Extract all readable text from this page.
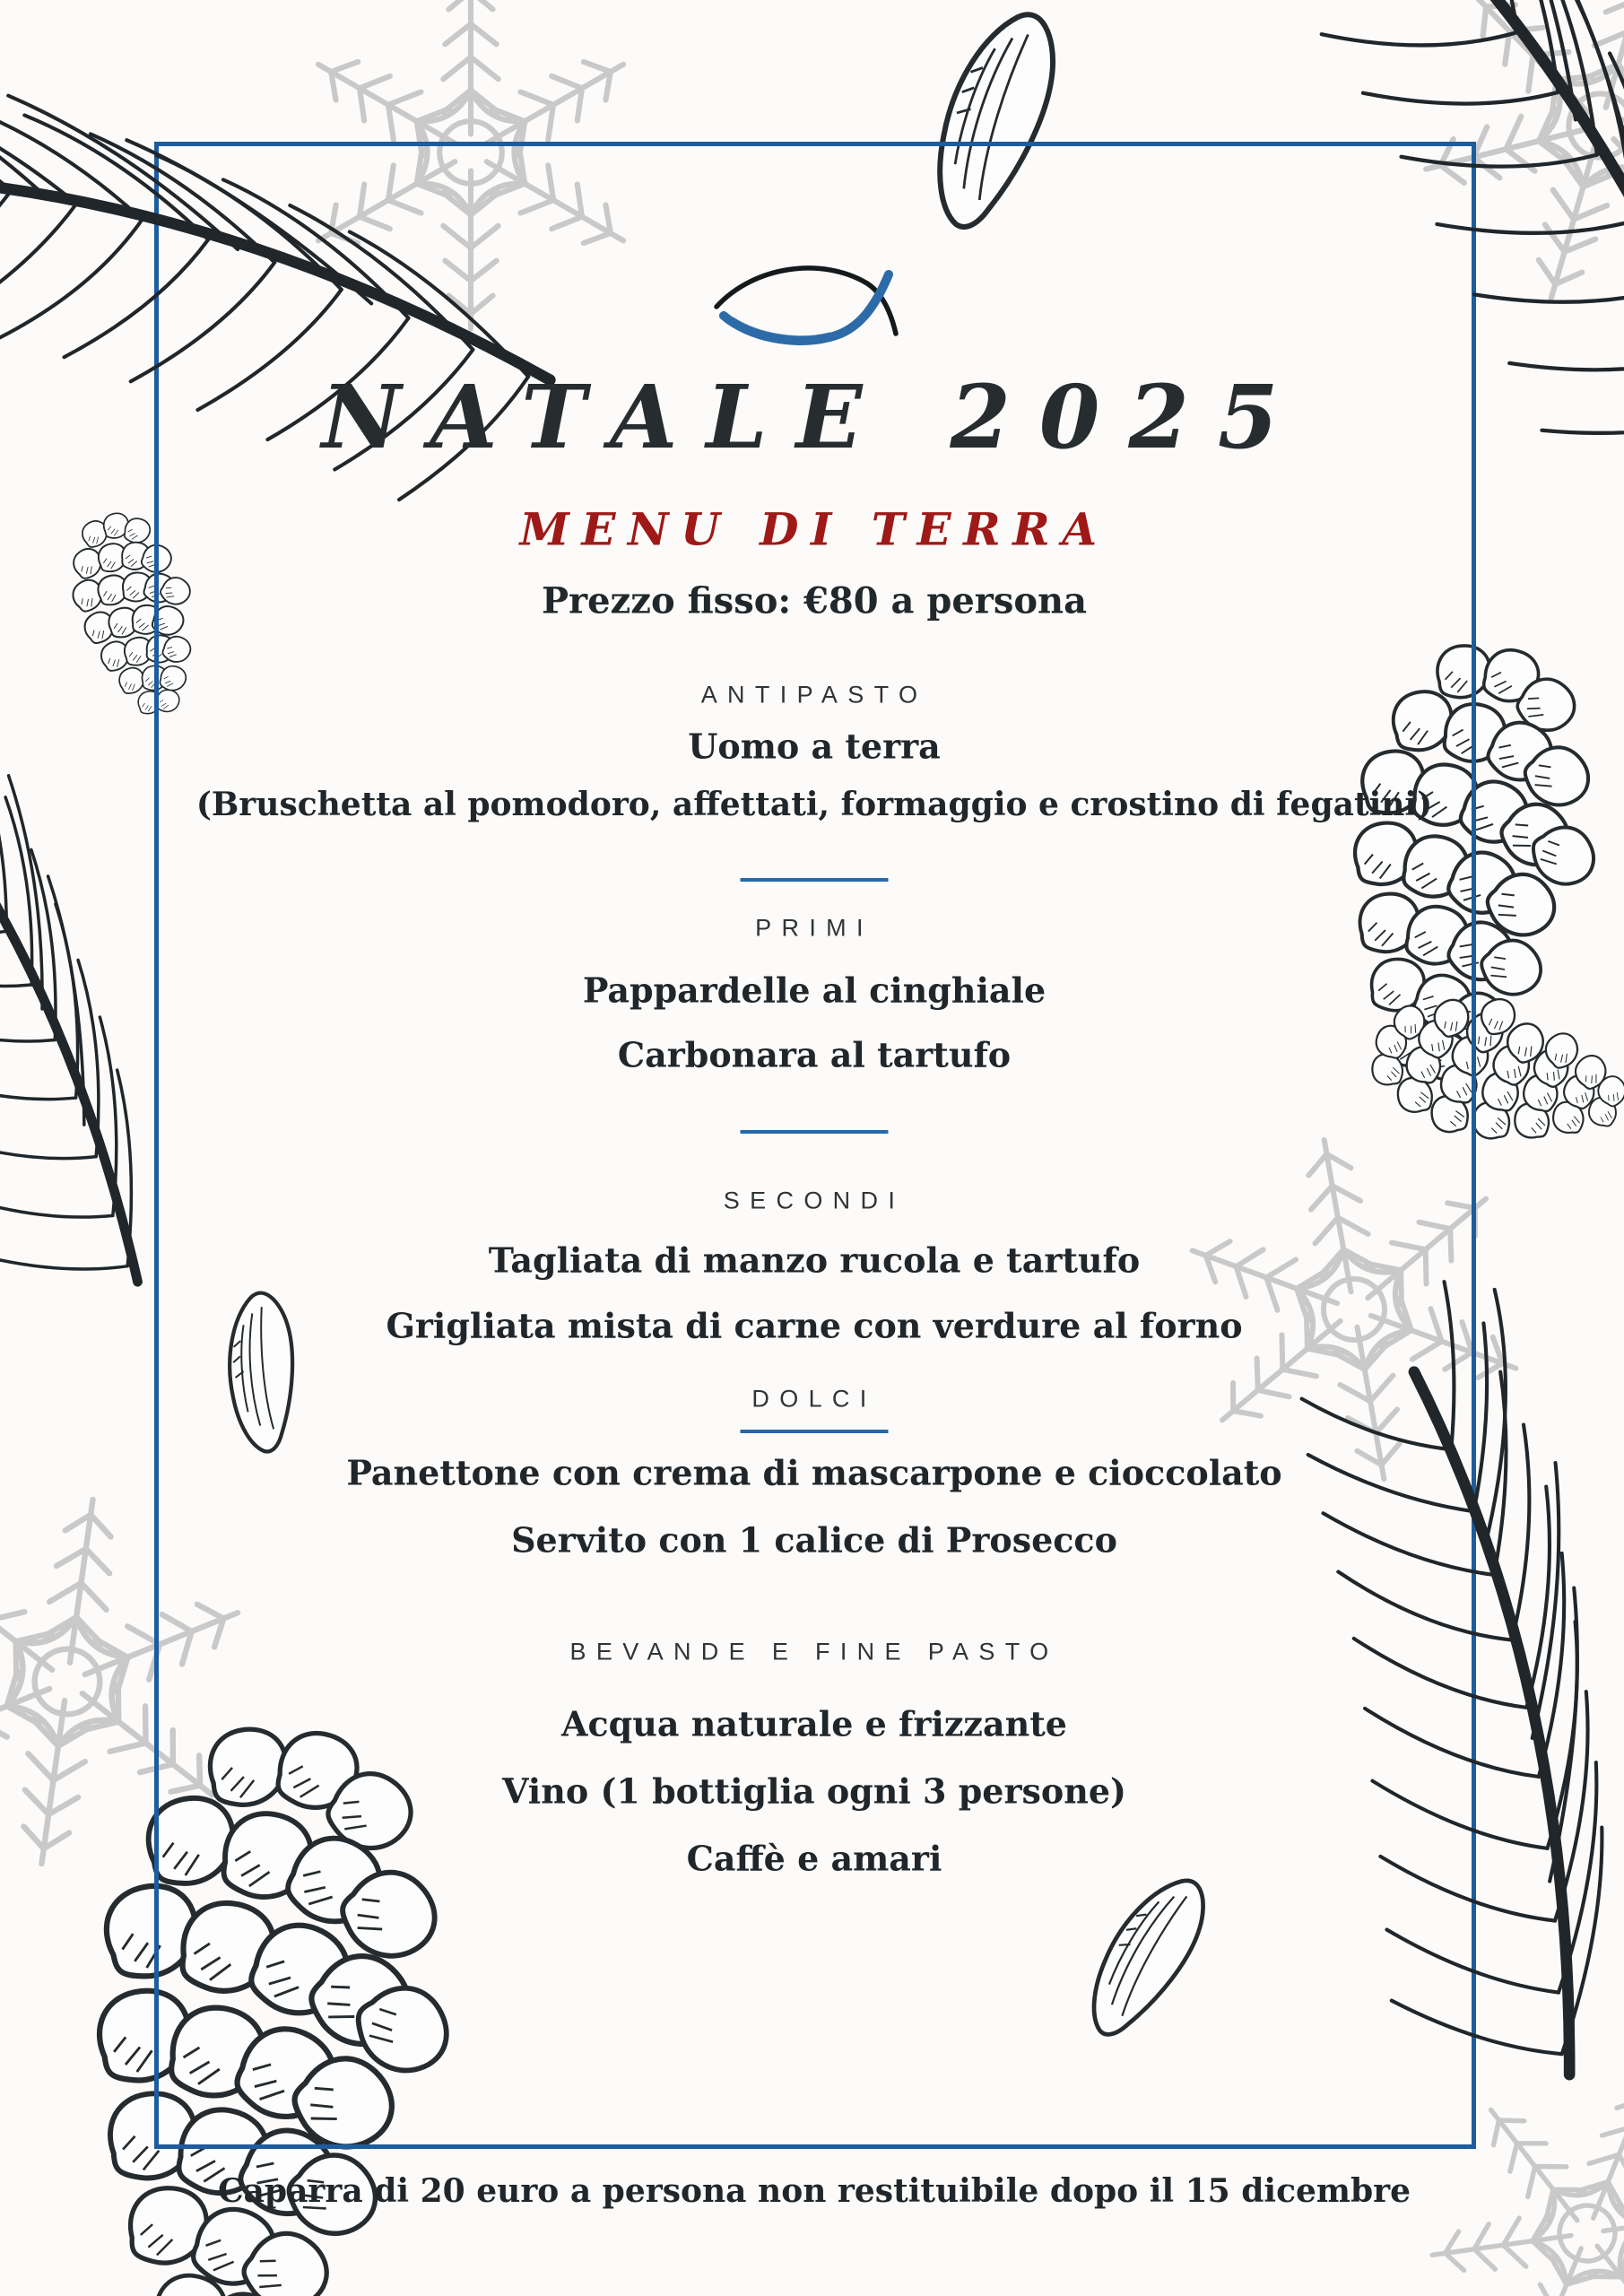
NATALE 2025
MENU DI TERRA
Prezzo fisso: €80 a persona
ANTIPASTO
Uomo a terra
(Bruschetta al pomodoro, affettati, formaggio e crostino di fegatini)
PRIMI
Pappardelle al cinghiale
Carbonara al tartufo
SECONDI
Tagliata di manzo rucola e tartufo
Grigliata mista di carne con verdure al forno
DOLCI
Panettone con crema di mascarpone e cioccolato
Servito con 1 calice di Prosecco
BEVANDE E FINE PASTO
Acqua naturale e frizzante
Vino (1 bottiglia ogni 3 persone)
Caffè e amari
Caparra di 20 euro a persona non restituibile dopo il 15 dicembre
